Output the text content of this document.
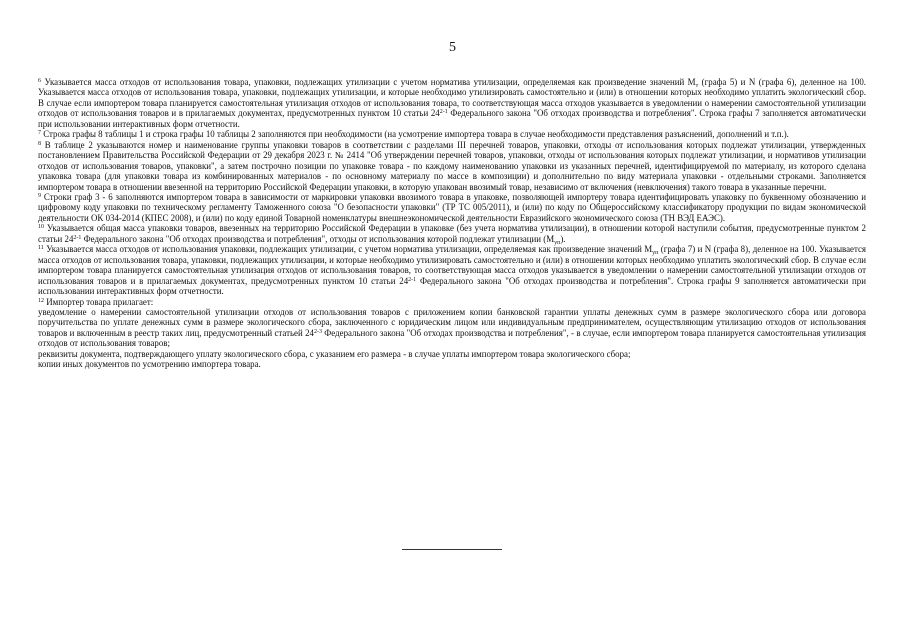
5

$^6$ Указывается масса отходов от использования товара, упаковки, подлежащих утилизации с учетом норматива утилизации, определяемая как произведение значений $M_т$ (графа 5) и N (графа 6), деленное на 100. Указывается масса отходов от использования товара, упаковки, подлежащих утилизации, и которые необходимо утилизировать самостоятельно и (или) в отношении которых необходимо уплатить экологический сбор. В случае если импортером товара планируется самостоятельная утилизация отходов от использования товара, то соответствующая масса отходов указывается в уведомлении о намерении самостоятельной утилизации отходов от использования товаров и в прилагаемых документах, предусмотренных пунктом 10 статьи 24$^{2-1}$ Федерального закона "Об отходах производства и потребления". Строка графы 7 заполняется автоматически при использовании интерактивных форм отчетности.

$^7$ Строка графы 8 таблицы 1 и строка графы 10 таблицы 2 заполняются при необходимости (на усмотрение импортера товара в случае необходимости представления разъяснений, дополнений и т.п.).

$^8$ В таблице 2 указываются номер и наименование группы упаковки товаров в соответствии с разделами III перечней товаров, упаковки, отходы от использования которых подлежат утилизации, утвержденных постановлением Правительства Российской Федерации от 29 декабря 2023 г. № 2414 "Об утверждении перечней товаров, упаковки, отходы от использования которых подлежат утилизации, и нормативов утилизации отходов от использования товаров, упаковки", а затем построчно позиции по упаковке товара - по каждому наименованию упаковки из указанных перечней, идентифицируемой по материалу, из которого сделана упаковка товара (для упаковки товара из комбинированных материалов - по основному материалу по массе в композиции) и дополнительно по виду материала упаковки - отдельными строками. Заполняется импортером товара в отношении ввезенной на территорию Российской Федерации упаковки, в которую упакован ввозимый товар, независимо от включения (невключения) такого товара в указанные перечни.

$^9$ Строки граф 3 - 6 заполняются импортером товара в зависимости от маркировки упаковки ввозимого товара в упаковке, позволяющей импортеру товара идентифицировать упаковку по буквенному обозначению и цифровому коду упаковки по техническому регламенту Таможенного союза "О безопасности упаковки" (ТР ТС 005/2011), и (или) по коду по Общероссийскому классификатору продукции по видам экономической деятельности ОК 034-2014 (КПЕС 2008), и (или) по коду единой Товарной номенклатуры внешнеэкономической деятельности Евразийского экономического союза (ТН ВЭД ЕАЭС).

$^{10}$ Указывается общая масса упаковки товаров, ввезенных на территорию Российской Федерации в упаковке (без учета норматива утилизации), в отношении которой наступили события, предусмотренные пунктом 2 статьи 24$^{2-1}$ Федерального закона "Об отходах производства и потребления", отходы от использования которой подлежат утилизации $(M_{уп})$.

$^{11}$ Указывается масса отходов от использования упаковки, подлежащих утилизации, с учетом норматива утилизации, определяемая как произведение значений $M_{уп}$ (графа 7) и N (графа 8), деленное на 100. Указывается масса отходов от использования товара, упаковки, подлежащих утилизации, и которые необходимо утилизировать самостоятельно и (или) в отношении которых необходимо уплатить экологический сбор. В случае если импортером товара планируется самостоятельная утилизация отходов от использования товаров, то соответствующая масса отходов указывается в уведомлении о намерении самостоятельной утилизации отходов от использования товаров и в прилагаемых документах, предусмотренных пунктом 10 статьи 24$^{2-1}$ Федерального закона "Об отходах производства и потребления". Строка графы 9 заполняется автоматически при использовании интерактивных форм отчетности.

$^{12}$ Импортер товара прилагает:

уведомление о намерении самостоятельной утилизации отходов от использования товаров с приложением копии банковской гарантии уплаты денежных сумм в размере экологического сбора или договора поручительства по уплате денежных сумм в размере экологического сбора, заключенного с юридическим лицом или индивидуальным предпринимателем, осуществляющим утилизацию отходов от использования товаров и включенным в реестр таких лиц, предусмотренный статьей 24$^{2-3}$ Федерального закона "Об отходах производства и потребления", - в случае, если импортером товара планируется самостоятельная утилизация отходов от использования товаров;

реквизиты документа, подтверждающего уплату экологического сбора, с указанием его размера - в случае уплаты импортером товара экологического сбора;

копии иных документов по усмотрению импортера товара.
